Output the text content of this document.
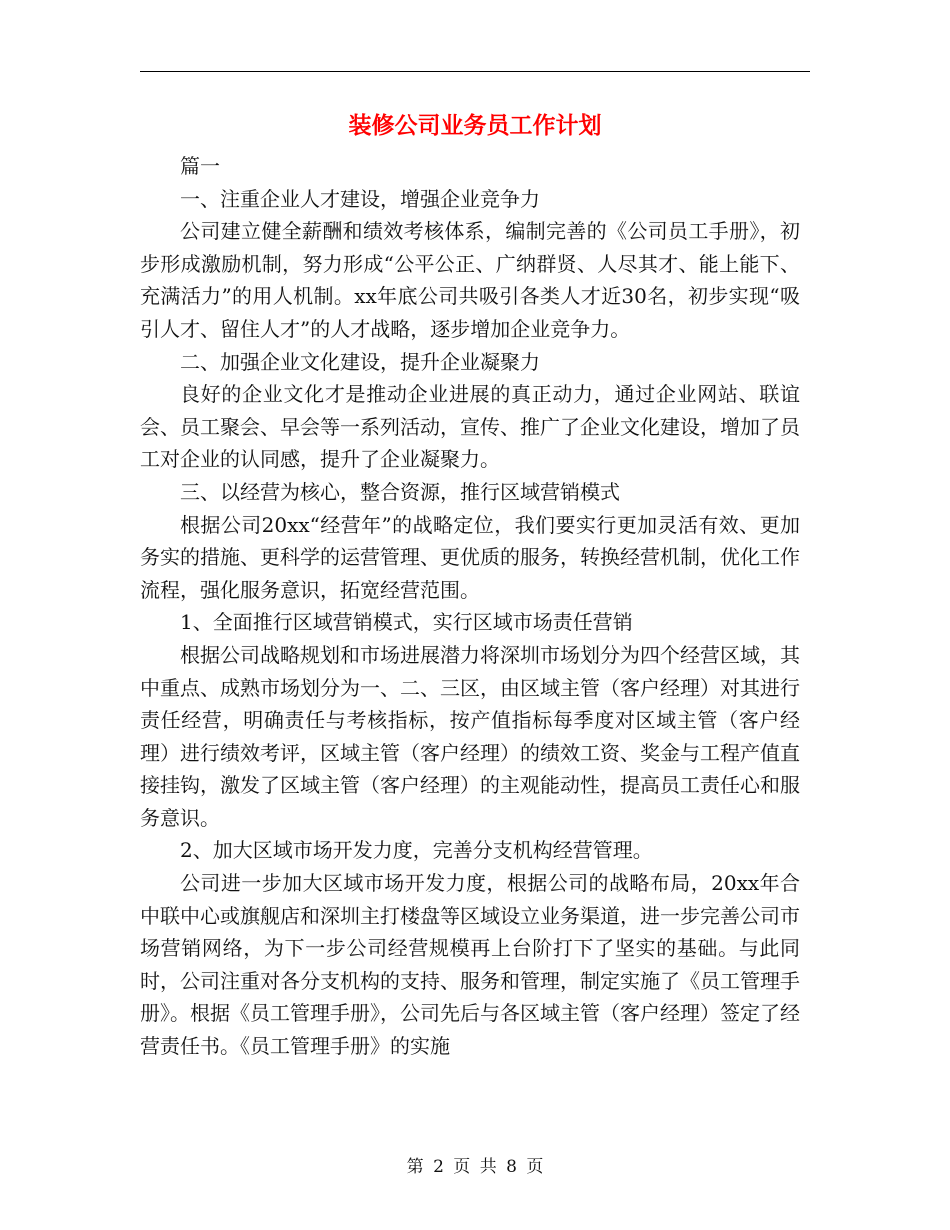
装修公司业务员工作计划

篇一

一、注重企业人才建设，增强企业竞争力

公司建立健全薪酬和绩效考核体系，编制完善的《公司员工手册》，初步形成激励机制，努力形成“公平公正、广纳群贤、人尽其才、能上能下、充满活力”的用人机制。xx年底公司共吸引各类人才近30名，初步实现“吸引人才、留住人才”的人才战略，逐步增加企业竞争力。

二、加强企业文化建设，提升企业凝聚力

良好的企业文化才是推动企业进展的真正动力，通过企业网站、联谊会、员工聚会、早会等一系列活动，宣传、推广了企业文化建设，增加了员工对企业的认同感，提升了企业凝聚力。

三、以经营为核心，整合资源，推行区域营销模式

根据公司20xx“经营年”的战略定位，我们要实行更加灵活有效、更加务实的措施、更科学的运营管理、更优质的服务，转换经营机制，优化工作流程，强化服务意识，拓宽经营范围。

1、全面推行区域营销模式，实行区域市场责任营销

根据公司战略规划和市场进展潜力将深圳市场划分为四个经营区域，其中重点、成熟市场划分为一、二、三区，由区域主管（客户经理）对其进行责任经营，明确责任与考核指标，按产值指标每季度对区域主管（客户经理）进行绩效考评，区域主管（客户经理）的绩效工资、奖金与工程产值直接挂钩，激发了区域主管（客户经理）的主观能动性，提高员工责任心和服务意识。

2、加大区域市场开发力度，完善分支机构经营管理。

公司进一步加大区域市场开发力度，根据公司的战略布局，20xx年合中联中心或旗舰店和深圳主打楼盘等区域设立业务渠道，进一步完善公司市场营销网络，为下一步公司经营规模再上台阶打下了坚实的基础。与此同时，公司注重对各分支机构的支持、服务和管理，制定实施了《员工管理手册》。根据《员工管理手册》，公司先后与各区域主管（客户经理）签定了经营责任书。《员工管理手册》的实施

第 2 页 共 8 页
